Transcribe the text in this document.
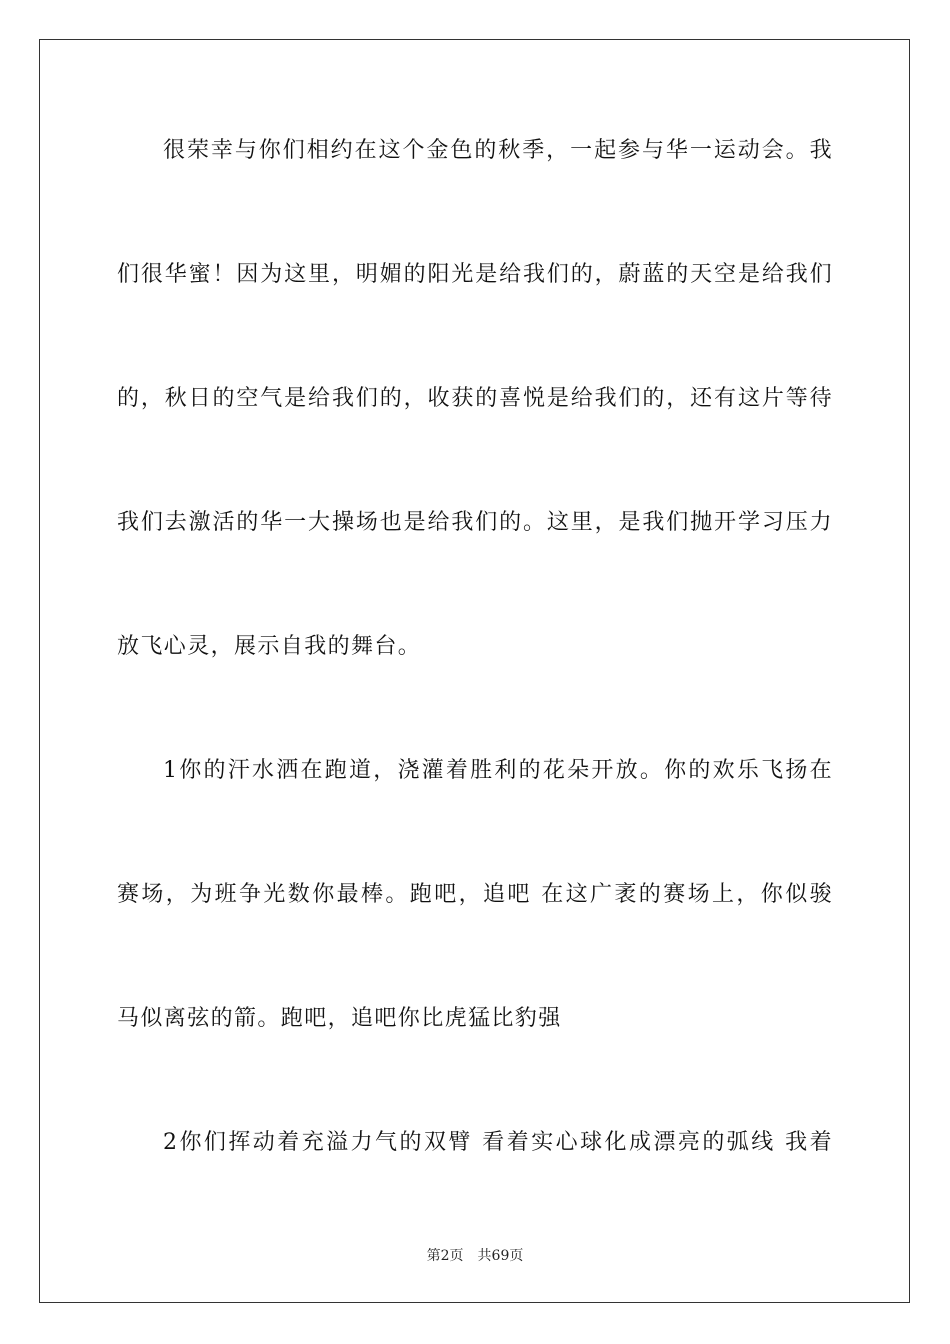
很荣幸与你们相约在这个金色的秋季，一起参与华一运动会。我
们很华蜜！因为这里，明媚的阳光是给我们的，蔚蓝的天空是给我们
的，秋日的空气是给我们的，收获的喜悦是给我们的，还有这片等待
我们去激活的华一大操场也是给我们的。这里，是我们抛开学习压力
放飞心灵，展示自我的舞台。
1你的汗水洒在跑道，浇灌着胜利的花朵开放。你的欢乐飞扬在
赛场，为班争光数你最棒。跑吧，追吧 在这广袤的赛场上，你似骏
马似离弦的箭。跑吧，追吧你比虎猛比豹强
2你们挥动着充溢力气的双臂 看着实心球化成漂亮的弧线 我着
第2页 共69页
